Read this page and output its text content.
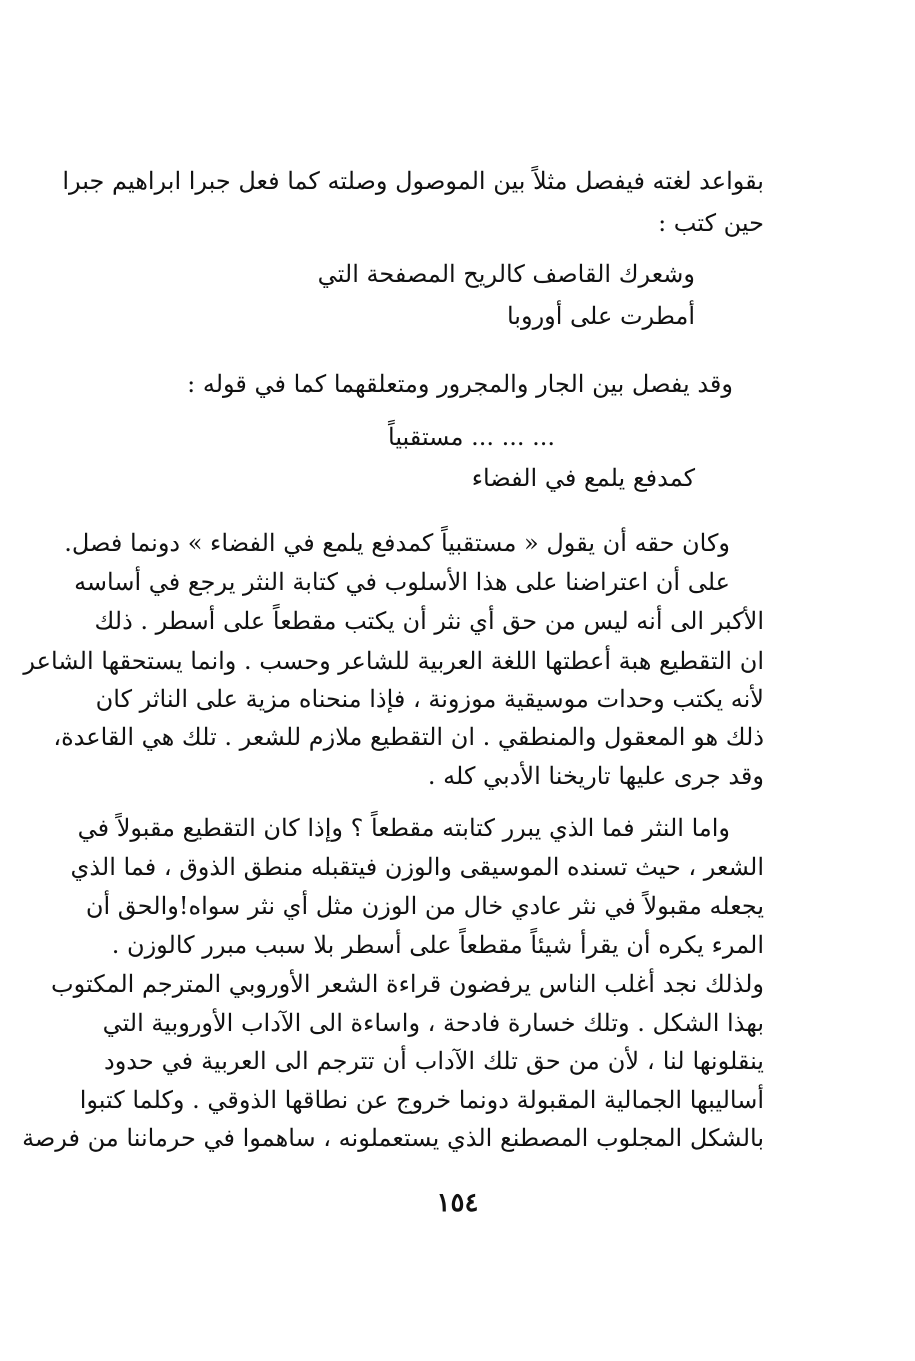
بقواعد لغته فيفصل مثلاً بين الموصول وصلته كما فعل جبرا ابراهيم جبرا
حين كتب :
وشعرك القاصف كالريح المصفحة التي
أمطرت على أوروبا
وقد يفصل بين الجار والمجرور ومتعلقهما كما في قوله :
... ... ... مستقبياً
كمدفع يلمع في الفضاء
وكان حقه أن يقول « مستقبياً كمدفع يلمع في الفضاء » دونما فصل.
على أن اعتراضنا على هذا الأسلوب في كتابة النثر يرجع في أساسه
الأكبر الى أنه ليس من حق أي نثر أن يكتب مقطعاً على أسطر . ذلك
ان التقطيع هبة أعطتها اللغة العربية للشاعر وحسب . وانما يستحقها الشاعر
لأنه يكتب وحدات موسيقية موزونة ، فإذا منحناه مزية على الناثر كان
ذلك هو المعقول والمنطقي . ان التقطيع ملازم للشعر . تلك هي القاعدة،
وقد جرى عليها تاريخنا الأدبي كله .
واما النثر فما الذي يبرر كتابته مقطعاً ؟ وإذا كان التقطيع مقبولاً في
الشعر ، حيث تسنده الموسيقى والوزن فيتقبله منطق الذوق ، فما الذي
يجعله مقبولاً في نثر عادي خال من الوزن مثل أي نثر سواه!والحق أن
المرء يكره أن يقرأ شيئاً مقطعاً على أسطر بلا سبب مبرر كالوزن .
ولذلك نجد أغلب الناس يرفضون قراءة الشعر الأوروبي المترجم المكتوب
بهذا الشكل . وتلك خسارة فادحة ، واساءة الى الآداب الأوروبية التي
ينقلونها لنا ، لأن من حق تلك الآداب أن تترجم الى العربية في حدود
أساليبها الجمالية المقبولة دونما خروج عن نطاقها الذوقي . وكلما كتبوا
بالشكل المجلوب المصطنع الذي يستعملونه ، ساهموا في حرماننا من فرصة
١٥٤
